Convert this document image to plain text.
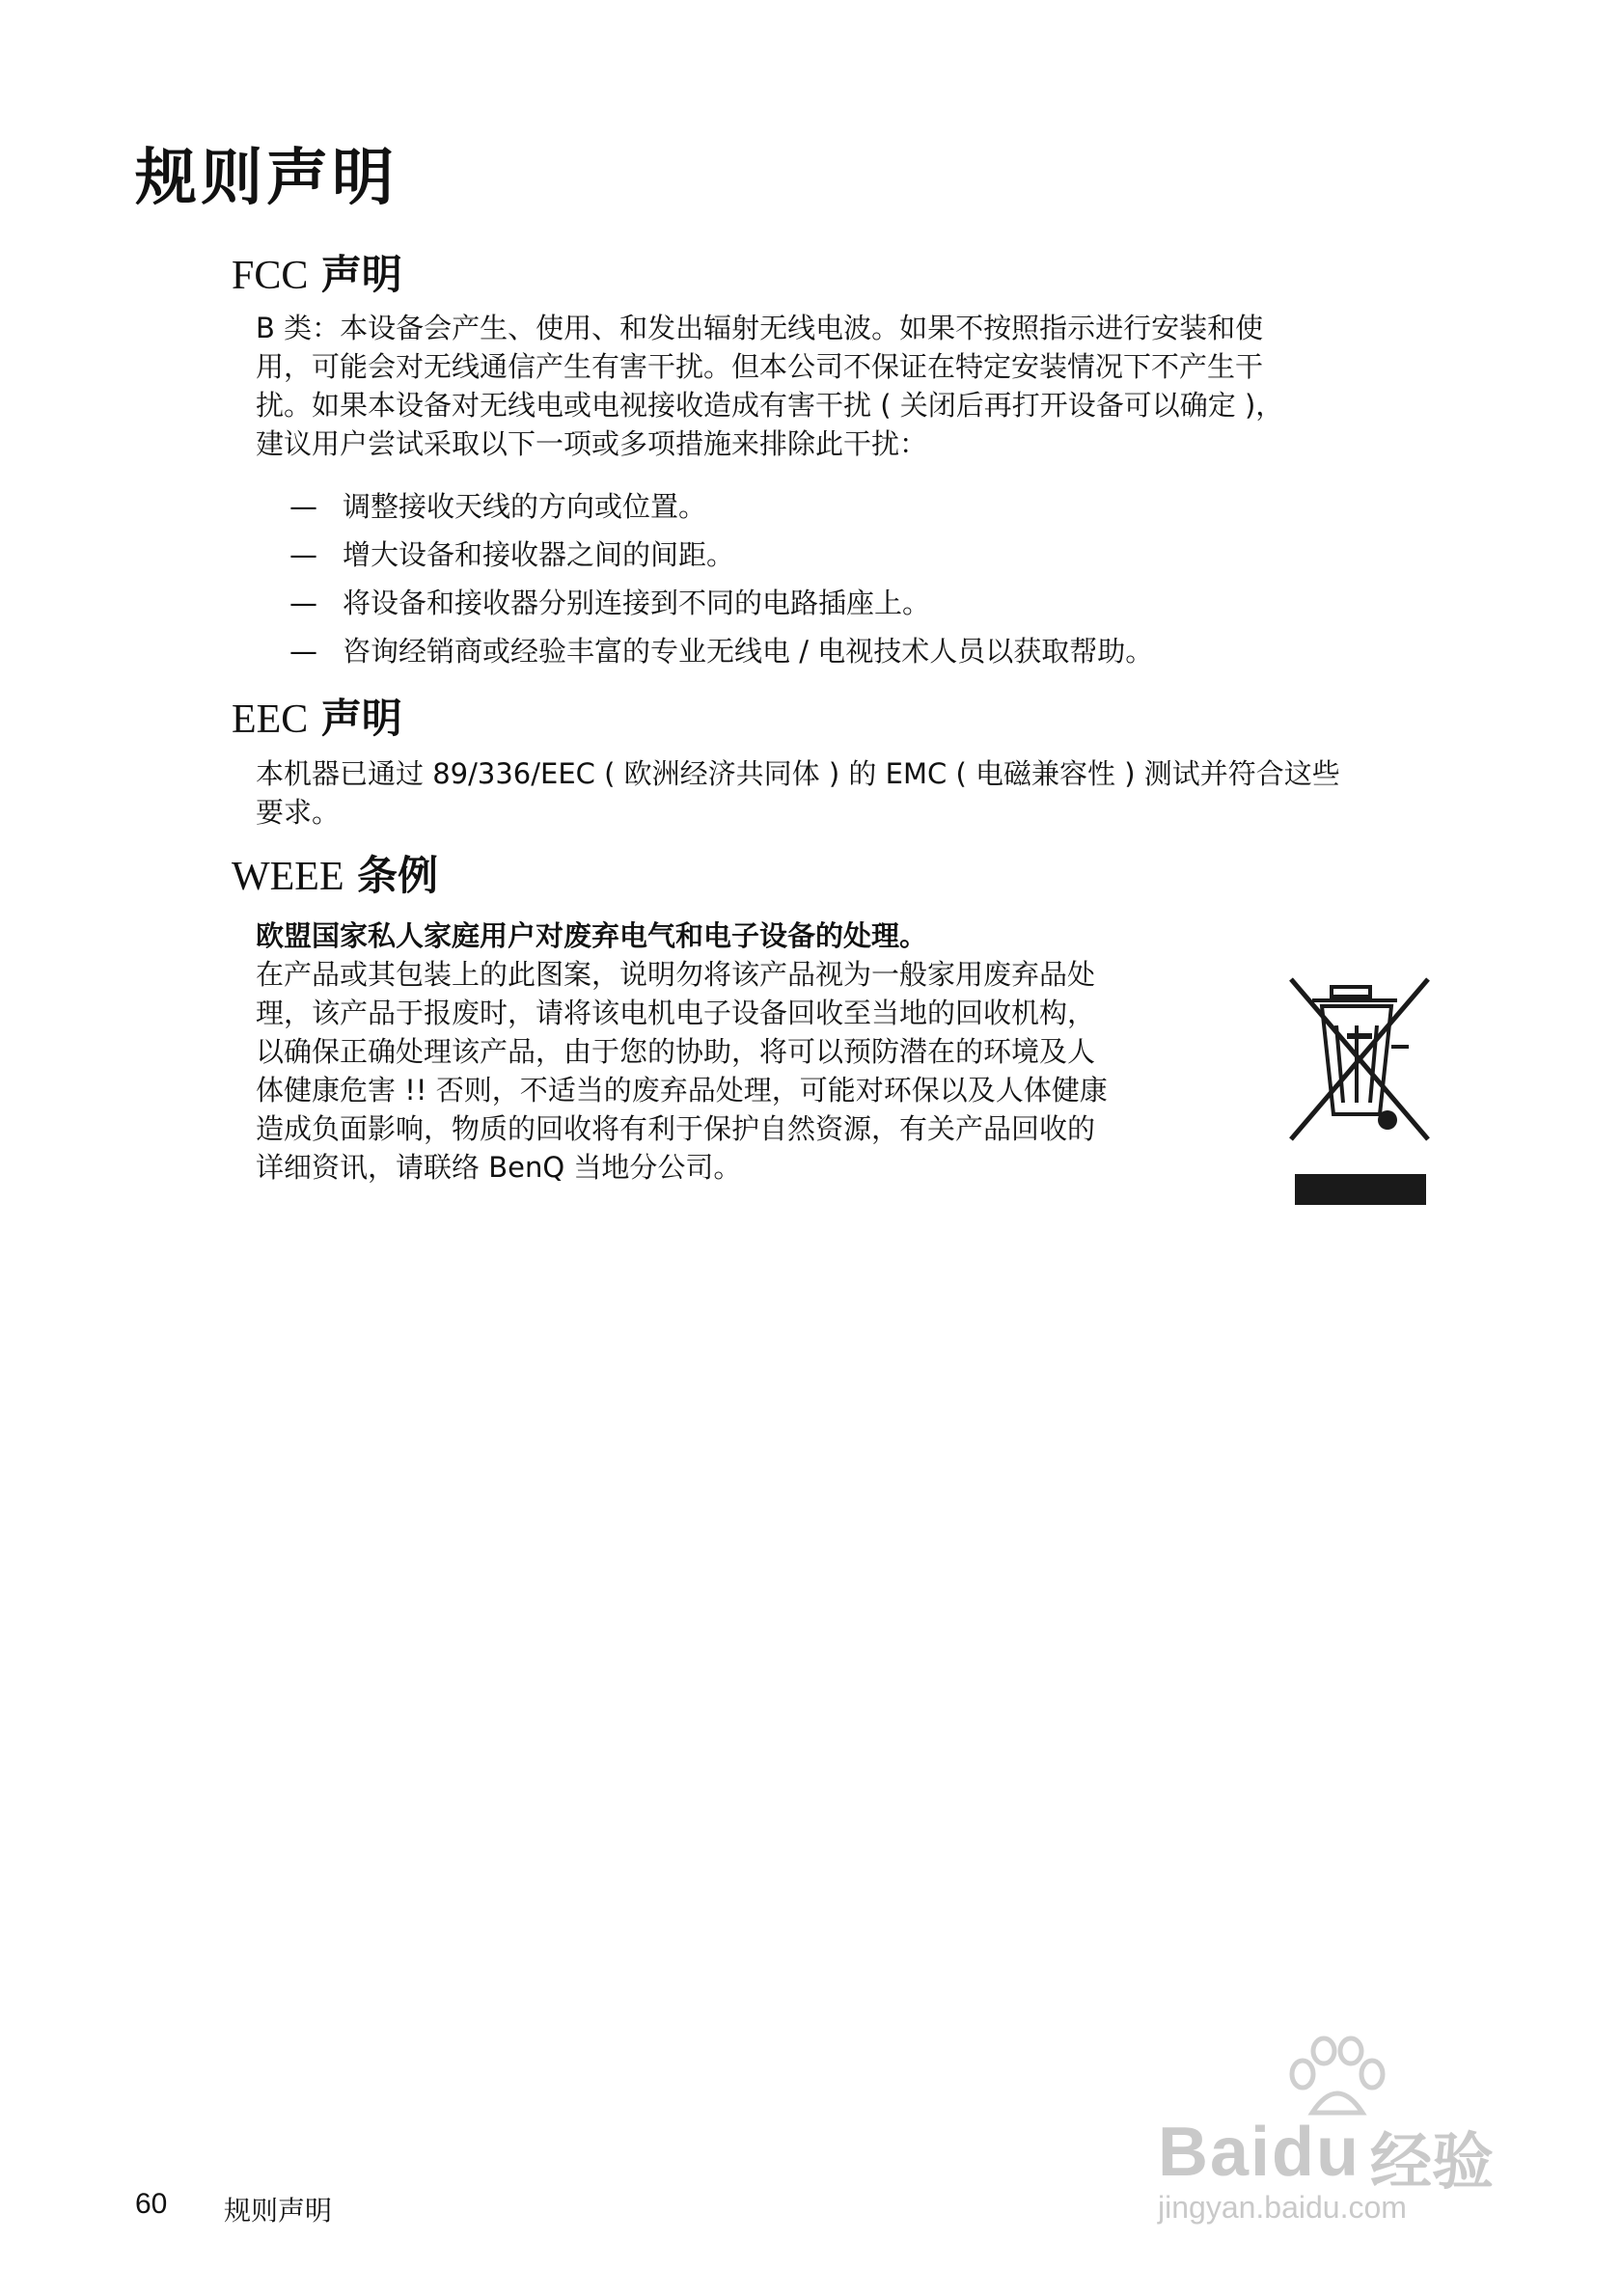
规则声明
FCC 声明
B 类：本设备会产生、使用、和发出辐射无线电波。如果不按照指示进行安装和使
用，可能会对无线通信产生有害干扰。但本公司不保证在特定安装情况下不产生干
扰。如果本设备对无线电或电视接收造成有害干扰 ( 关闭后再打开设备可以确定 )，
建议用户尝试采取以下一项或多项措施来排除此干扰：
— 调整接收天线的方向或位置。
— 增大设备和接收器之间的间距。
— 将设备和接收器分别连接到不同的电路插座上。
— 咨询经销商或经验丰富的专业无线电 / 电视技术人员以获取帮助。
EEC 声明
本机器已通过 89/336/EEC ( 欧洲经济共同体 ) 的 EMC ( 电磁兼容性 ) 测试并符合这些
要求。
WEEE 条例
欧盟国家私人家庭用户对废弃电气和电子设备的处理。
在产品或其包装上的此图案，说明勿将该产品视为一般家用废弃品处
理，该产品于报废时，请将该电机电子设备回收至当地的回收机构，
以确保正确处理该产品，由于您的协助，将可以预防潜在的环境及人
体健康危害 !! 否则，不适当的废弃品处理，可能对环保以及人体健康
造成负面影响，物质的回收将有利于保护自然资源，有关产品回收的
详细资讯，请联络 BenQ 当地分公司。
60 规则声明
Baidu 经验
jingyan.baidu.com
